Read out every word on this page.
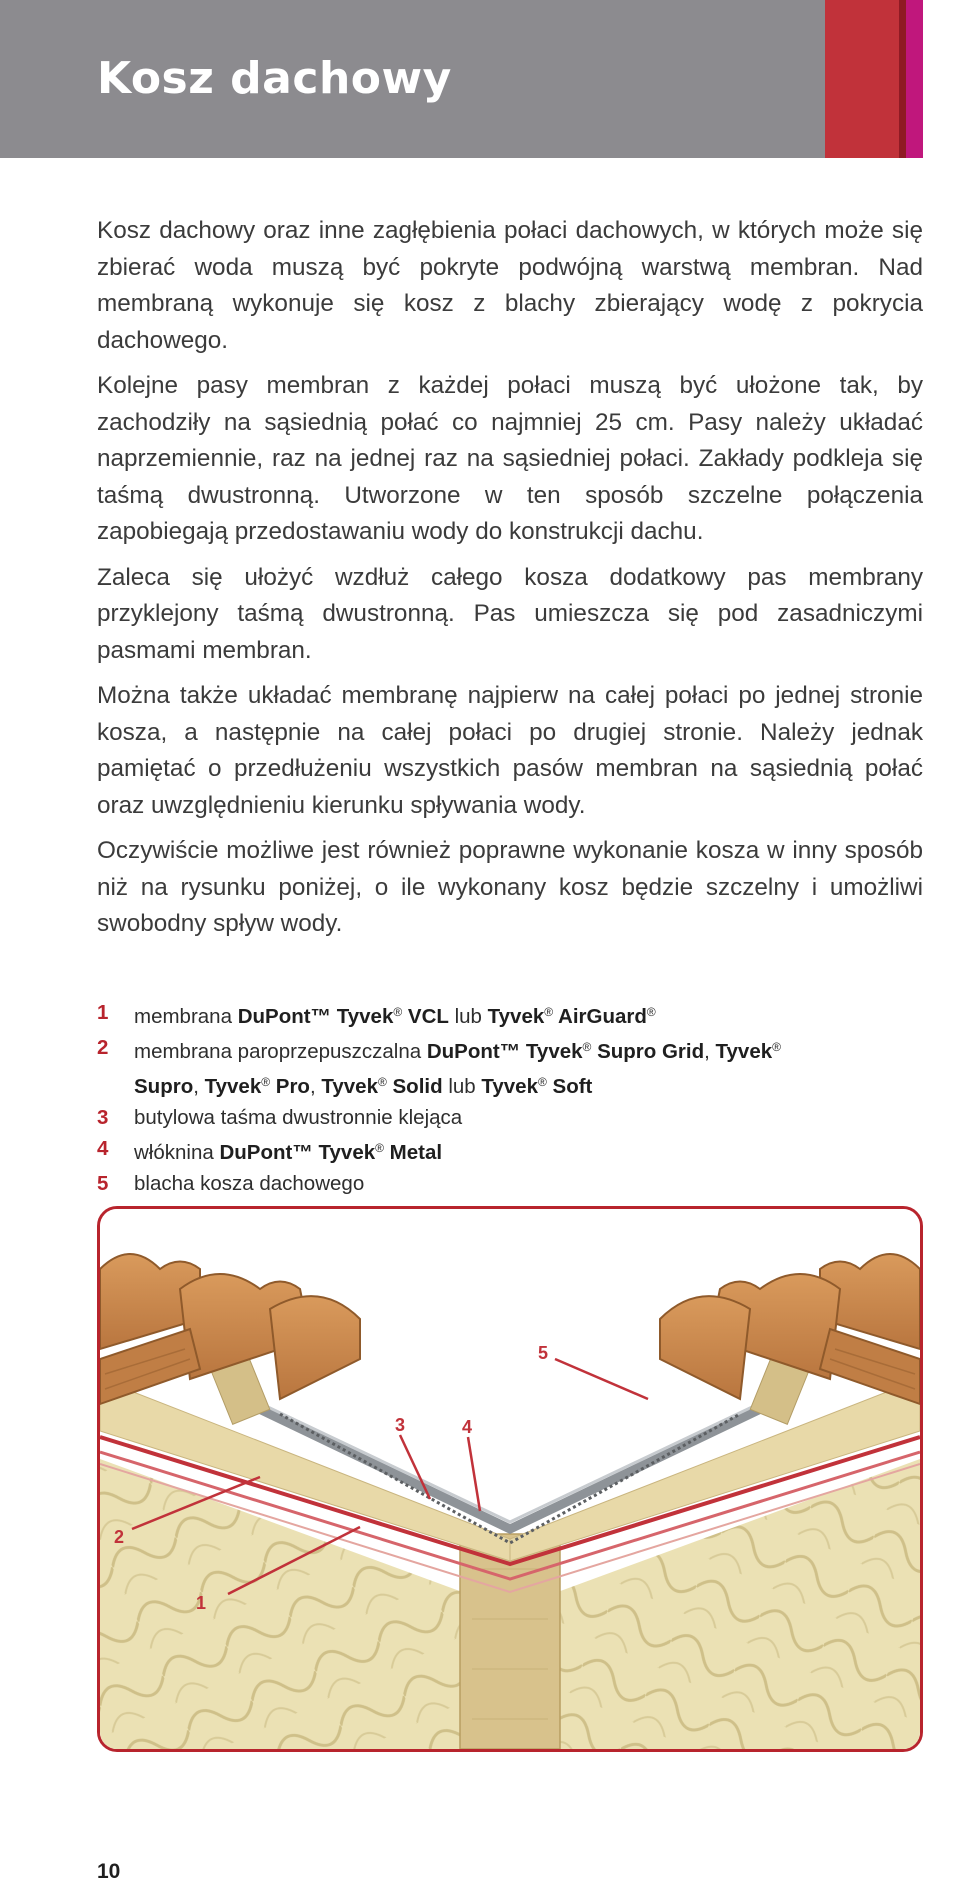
Kosz dachowy

Kosz dachowy oraz inne zagłębienia połaci dachowych, w których może się zbierać woda muszą być pokryte podwójną warstwą membran. Nad membraną wykonuje się kosz z blachy zbierający wodę z pokrycia dachowego.

Kolejne pasy membran z każdej połaci muszą być ułożone tak, by zachodziły na sąsiednią połać co najmniej 25 cm. Pasy należy układać naprzemiennie, raz na jednej raz na sąsiedniej połaci. Zakłady podkleja się taśmą dwustronną. Utworzone w ten sposób szczelne połączenia zapobiegają przedostawaniu wody do konstrukcji dachu.

Zaleca się ułożyć wzdłuż całego kosza dodatkowy pas membrany przyklejony taśmą dwustronną. Pas umieszcza się pod zasadniczymi pasmami membran.

Można także układać membranę najpierw na całej połaci po jednej stronie kosza, a następnie na całej połaci po drugiej stronie. Należy jednak pamiętać o przedłużeniu wszystkich pasów membran na sąsiednią połać oraz uwzględnieniu kierunku spływania wody.

Oczywiście możliwe jest również poprawne wykonanie kosza w inny sposób niż na rysunku poniżej, o ile wykonany kosz będzie szczelny i umożliwi swobodny spływ wody.

1 membrana DuPont™ Tyvek® VCL lub Tyvek® AirGuard®
2 membrana paroprzepuszczalna DuPont™ Tyvek® Supro Grid, Tyvek®
Supro, Tyvek® Pro, Tyvek® Solid lub Tyvek® Soft
3 butylowa taśma dwustronnie klejąca
4 włóknina DuPont™ Tyvek® Metal
5 blacha kosza dachowego
1
2
3	4
5
10
